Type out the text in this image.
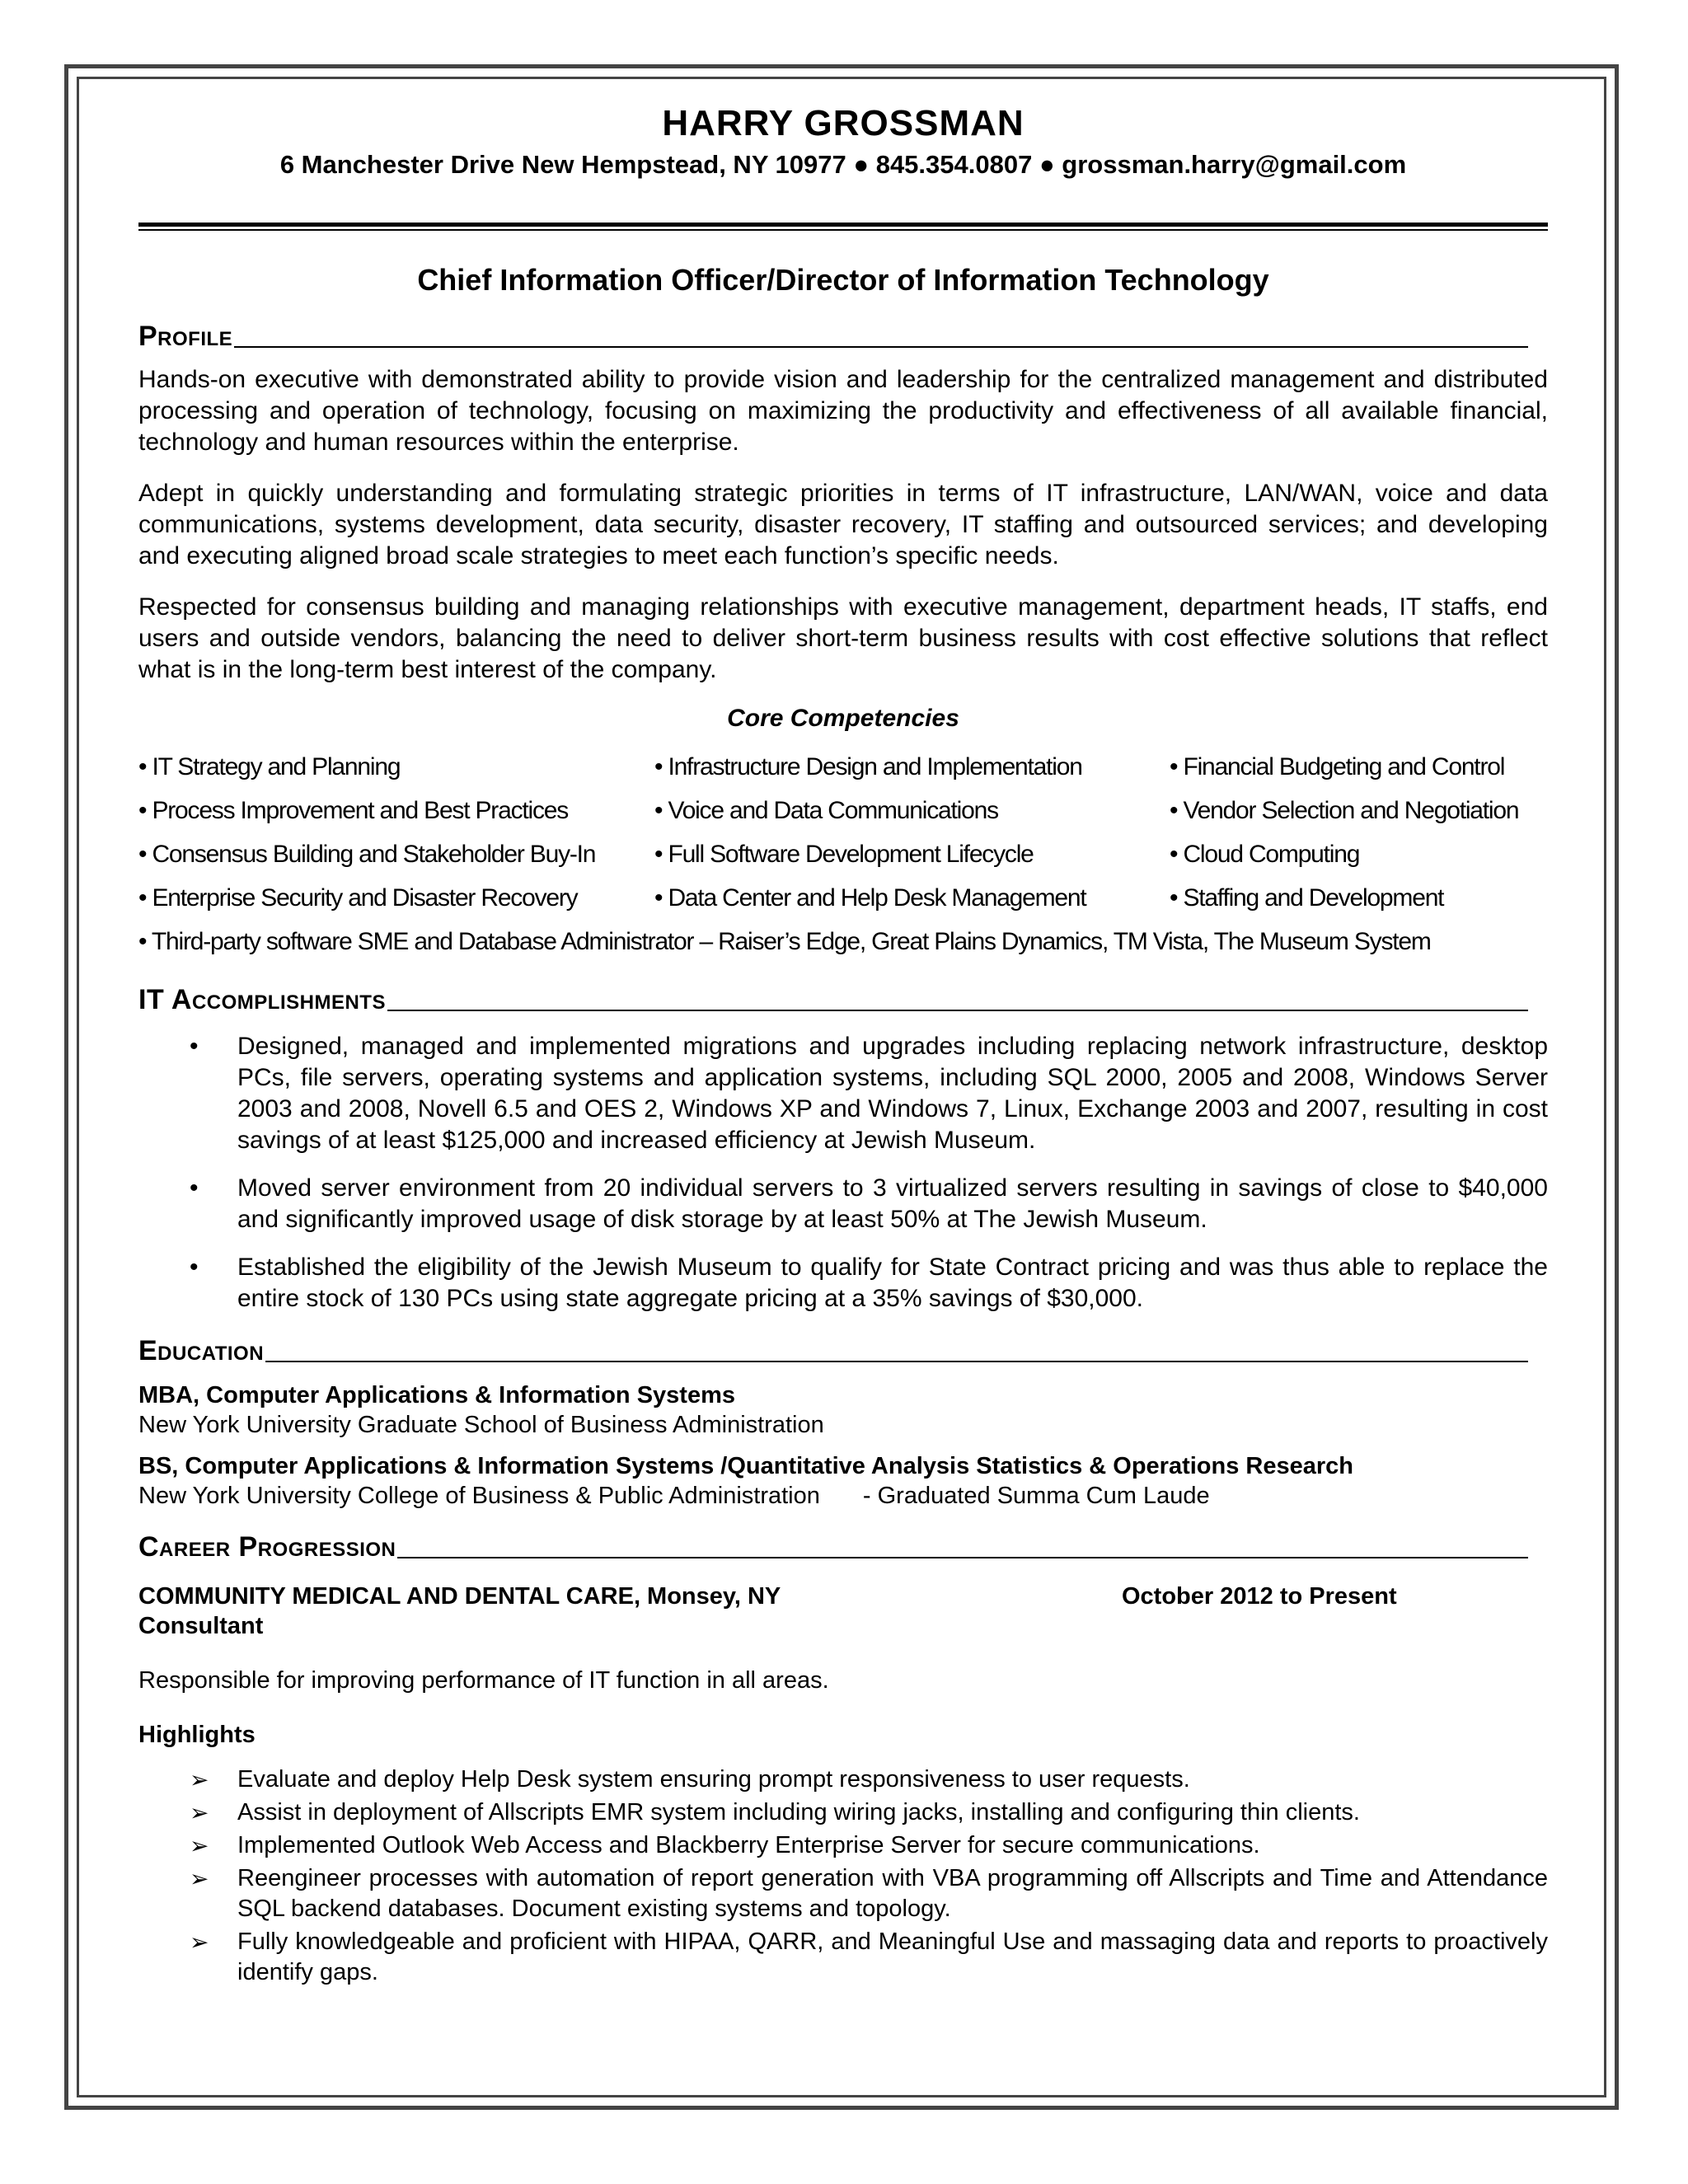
HARRY GROSSMAN
6 Manchester Drive New Hempstead, NY 10977 ● 845.354.0807 ● grossman.harry@gmail.com
Chief Information Officer/Director of Information Technology
Profile

Hands-on executive with demonstrated ability to provide vision and leadership for the centralized management and distributed processing and operation of technology, focusing on maximizing the productivity and effectiveness of all available financial, technology and human resources within the enterprise.

Adept in quickly understanding and formulating strategic priorities in terms of IT infrastructure, LAN/WAN, voice and data communications, systems development, data security, disaster recovery, IT staffing and outsourced services; and developing and executing aligned broad scale strategies to meet each function’s specific needs.

Respected for consensus building and managing relationships with executive management, department heads, IT staffs, end users and outside vendors, balancing the need to deliver short-term business results with cost effective solutions that reflect what is in the long-term best interest of the company.

Core Competencies
• IT Strategy and Planning	• Infrastructure Design and Implementation	• Financial Budgeting and Control
• Process Improvement and Best Practices	• Voice and Data Communications	• Vendor Selection and Negotiation
• Consensus Building and Stakeholder Buy-In	• Full Software Development Lifecycle	• Cloud Computing
• Enterprise Security and Disaster Recovery	• Data Center and Help Desk Management	• Staffing and Development
• Third-party software SME and Database Administrator – Raiser’s Edge, Great Plains Dynamics, TM Vista, The Museum System
IT Accomplishments
• Designed, managed and implemented migrations and upgrades including replacing network infrastructure, desktop PCs, file servers, operating systems and application systems, including SQL 2000, 2005 and 2008, Windows Server 2003 and 2008, Novell 6.5 and OES 2, Windows XP and Windows 7, Linux, Exchange 2003 and 2007, resulting in cost savings of at least $125,000 and increased efficiency at Jewish Museum.
• Moved server environment from 20 individual servers to 3 virtualized servers resulting in savings of close to $40,000 and significantly improved usage of disk storage by at least 50% at The Jewish Museum.
• Established the eligibility of the Jewish Museum to qualify for State Contract pricing and was thus able to replace the entire stock of 130 PCs using state aggregate pricing at a 35% savings of $30,000.
Education
MBA, Computer Applications & Information Systems
New York University Graduate School of Business Administration
BS, Computer Applications & Information Systems /Quantitative Analysis Statistics & Operations Research
New York University College of Business & Public Administration - Graduated Summa Cum Laude
Career Progression
COMMUNITY MEDICAL AND DENTAL CARE, Monsey, NY	October 2012 to Present
Consultant
Responsible for improving performance of IT function in all areas.
Highlights
➢ Evaluate and deploy Help Desk system ensuring prompt responsiveness to user requests.
➢ Assist in deployment of Allscripts EMR system including wiring jacks, installing and configuring thin clients.
➢ Implemented Outlook Web Access and Blackberry Enterprise Server for secure communications.
➢ Reengineer processes with automation of report generation with VBA programming off Allscripts and Time and Attendance SQL backend databases. Document existing systems and topology.
➢ Fully knowledgeable and proficient with HIPAA, QARR, and Meaningful Use and massaging data and reports to proactively identify gaps.
